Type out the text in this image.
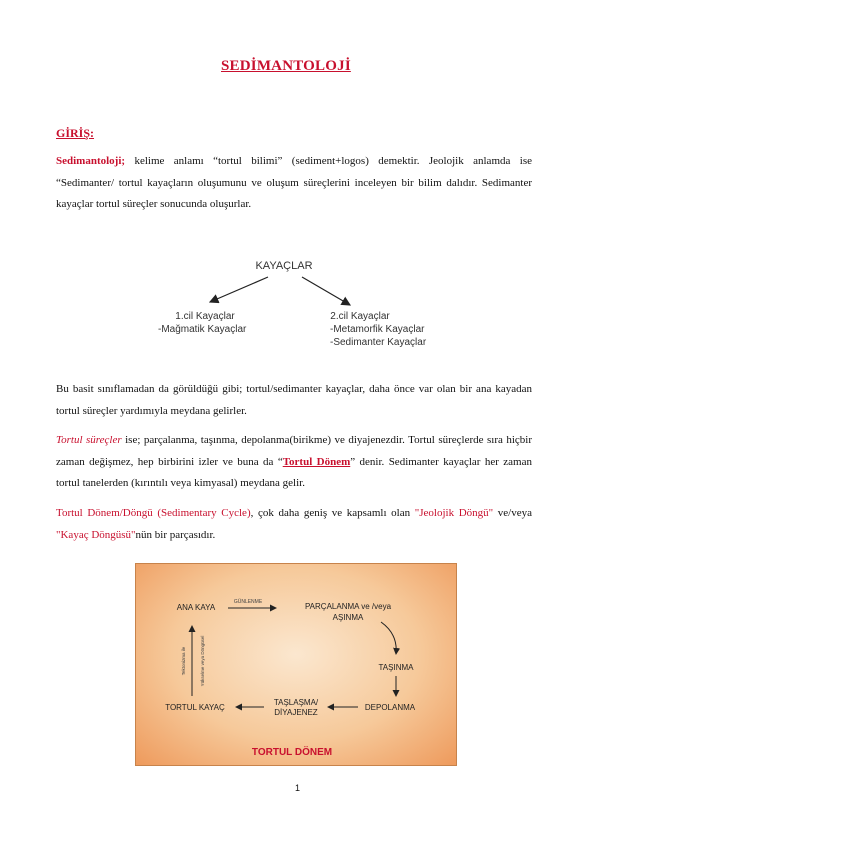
SEDİMANTOLOJİ
GİRİŞ:
Sedimantoloji; kelime anlamı “tortul bilimi” (sediment+logos) demektir. Jeolojik anlamda ise “Sedimanter/ tortul kayaçların oluşumunu ve oluşum süreçlerini inceleyen bir bilim dalıdır. Sedimanter kayaçlar tortul süreçler sonucunda oluşurlar.
KAYAÇLAR
1.cil Kayaçlar
-Mağmatik Kayaçlar
2.cil Kayaçlar
-Metamorfik Kayaçlar
-Sedimanter Kayaçlar
Bu basit sınıflamadan da görüldüğü gibi; tortul/sedimanter kayaçlar, daha önce var olan bir ana kayadan tortul süreçler yardımıyla meydana gelirler.
Tortul süreçler ise; parçalanma, taşınma, depolanma(birikme) ve diyajenezdir. Tortul süreçlerde sıra hiçbir zaman değişmez, hep birbirini izler ve buna da “Tortul Dönem” denir. Sedimanter kayaçlar her zaman tortul tanelerden (kırıntılı veya kimyasal) meydana gelir.
Tortul Dönem/Döngü (Sedimentary Cycle), çok daha geniş ve kapsamlı olan "Jeolojik Döngü" ve/veya "Kayaç Döngüsü"nün bir parçasıdır.
ANA KAYA
GÜNLENME	PARÇALANMA ve /veya
AŞINMA
TAŞINMA
DEPOLANMA
TAŞLAŞMA/
DİYAJENEZ
TORTUL KAYAÇ
Tektonizma ile	Yükselme veya Döngüsel
TORTUL DÖNEM
1
